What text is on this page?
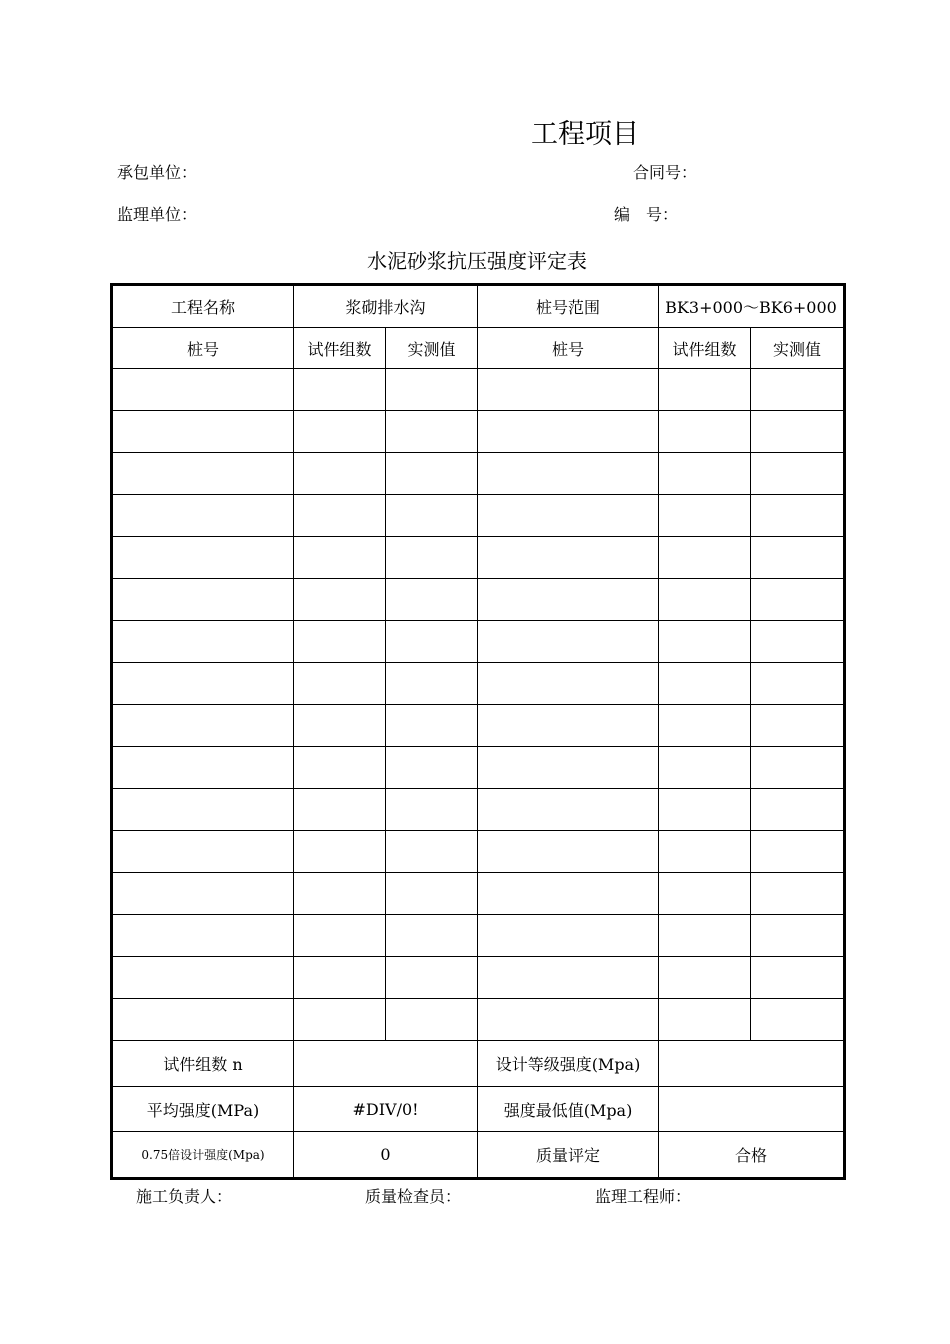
工程项目
承包单位：	合同号：
监理单位：	编　号：
水泥砂浆抗压强度评定表
工程名称	浆砌排水沟		桩号范围	BK3+000～BK6+000	
桩号	试件组数	实测值	桩号	试件组数	实测值

试件组数 n			设计等级强度(Mpa)		
平均强度(MPa)	#DIV/0!		强度最低值(Mpa)		
0.75倍设计强度(Mpa)	0		质量评定	合格	
施工负责人：	质量检查员：	监理工程师：
